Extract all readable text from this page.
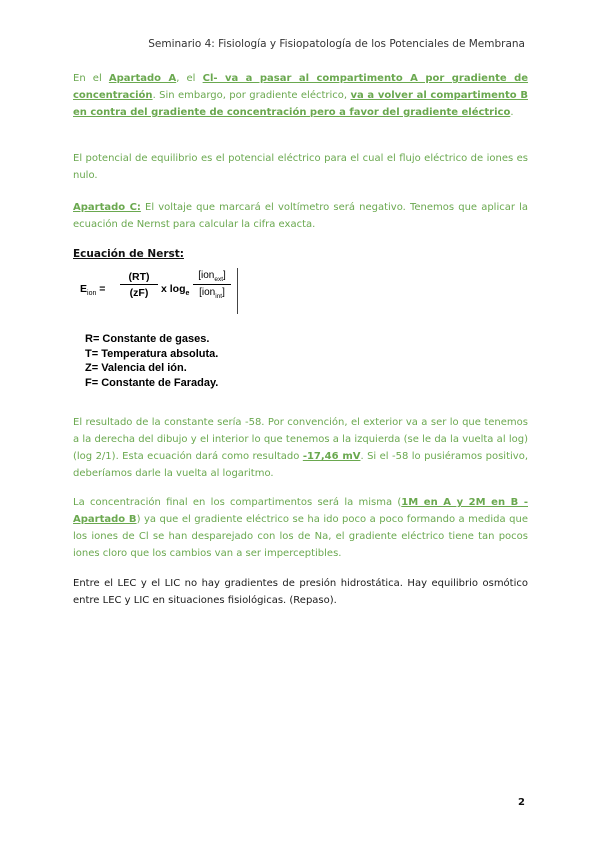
Seminario 4: Fisiología y Fisiopatología de los Potenciales de Membrana

En el Apartado A, el Cl- va a pasar al compartimento A por gradiente de concentración. Sin embargo, por gradiente eléctrico, va a volver al compartimento B en contra del gradiente de concentración pero a favor del gradiente eléctrico.

El potencial de equilibrio es el potencial eléctrico para el cual el flujo eléctrico de iones es nulo.

Apartado C: El voltaje que marcará el voltímetro será negativo. Tenemos que aplicar la ecuación de Nernst para calcular la cifra exacta.

Ecuación de Nerst:
$E_{ion} = \frac{(RT)}{(zF)}$ x $\log_e$
[ion$_{ext}$]
[ion$_{int}$]
R= Constante de gases.
T= Temperatura absoluta.
Z= Valencia del ión.
F= Constante de Faraday.

El resultado de la constante sería -58. Por convención, el exterior va a ser lo que tenemos a la derecha del dibujo y el interior lo que tenemos a la izquierda (se le da la vuelta al log) (log 2/1). Esta ecuación dará como resultado -17,46 mV. Si el -58 lo pusiéramos positivo, deberíamos darle la vuelta al logaritmo.

La concentración final en los compartimentos será la misma (1M en A y 2M en B - Apartado B) ya que el gradiente eléctrico se ha ido poco a poco formando a medida que los iones de Cl se han desparejado con los de Na, el gradiente eléctrico tiene tan pocos iones cloro que los cambios van a ser imperceptibles.

Entre el LEC y el LIC no hay gradientes de presión hidrostática. Hay equilibrio osmótico entre LEC y LIC en situaciones fisiológicas. (Repaso).

2
